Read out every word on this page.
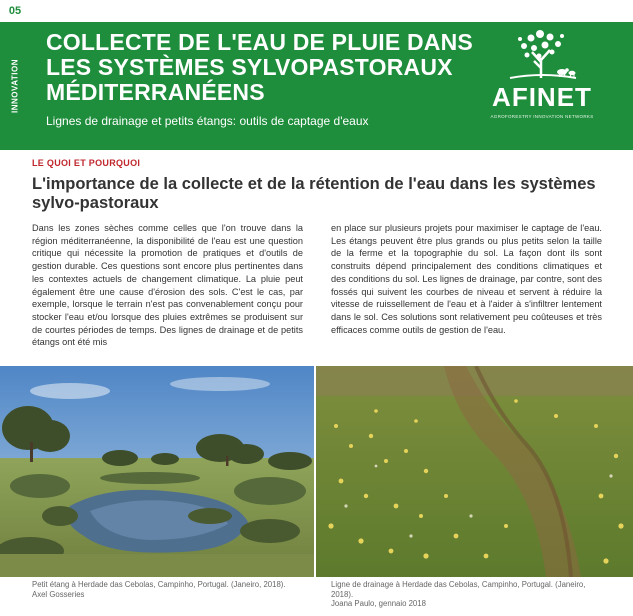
05
INNOVATION
COLLECTE DE L'EAU DE PLUIE DANS
LES SYSTÈMES SYLVOPASTORAUX
MÉDITERRANÉENS
Lignes de drainage et petits étangs: outils de captage d'eaux
AFINET
AGROFORESTRY INNOVATION NETWORKS
LE QUOI ET POURQUOI
L'importance de la collecte et de la rétention de l'eau dans les systèmes sylvo-pastoraux

Dans les zones sèches comme celles que l'on trouve dans la région méditerranéenne, la disponibilité de l'eau est une question critique qui nécessite la promotion de pratiques et d'outils de gestion durable. Ces questions sont encore plus pertinentes dans les contextes actuels de changement climatique. La pluie peut également être une cause d'érosion des sols. C'est le cas, par exemple, lorsque le terrain n'est pas convenablement conçu pour stocker l'eau et/ou lorsque des pluies extrêmes se produisent sur de courtes périodes de temps. Des lignes de drainage et de petits étangs ont été mis

en place sur plusieurs projets pour maximiser le captage de l'eau. Les étangs peuvent être plus grands ou plus petits selon la taille de la ferme et la topographie du sol. La façon dont ils sont construits dépend principalement des conditions climatiques et des conditions du sol. Les lignes de drainage, par contre, sont des fossés qui suivent les courbes de niveau et servent à réduire la vitesse de ruissellement de l'eau et à l'aider à s'infiltrer lentement dans le sol. Ces solutions sont relativement peu coûteuses et très efficaces comme outils de gestion de l'eau.

Petit étang à Herdade das Cebolas, Campinho, Portugal. (Janeiro, 2018).
Axel Gosseries
Ligne de drainage à Herdade das Cebolas, Campinho, Portugal. (Janeiro, 2018).
Joana Paulo, gennaio 2018
